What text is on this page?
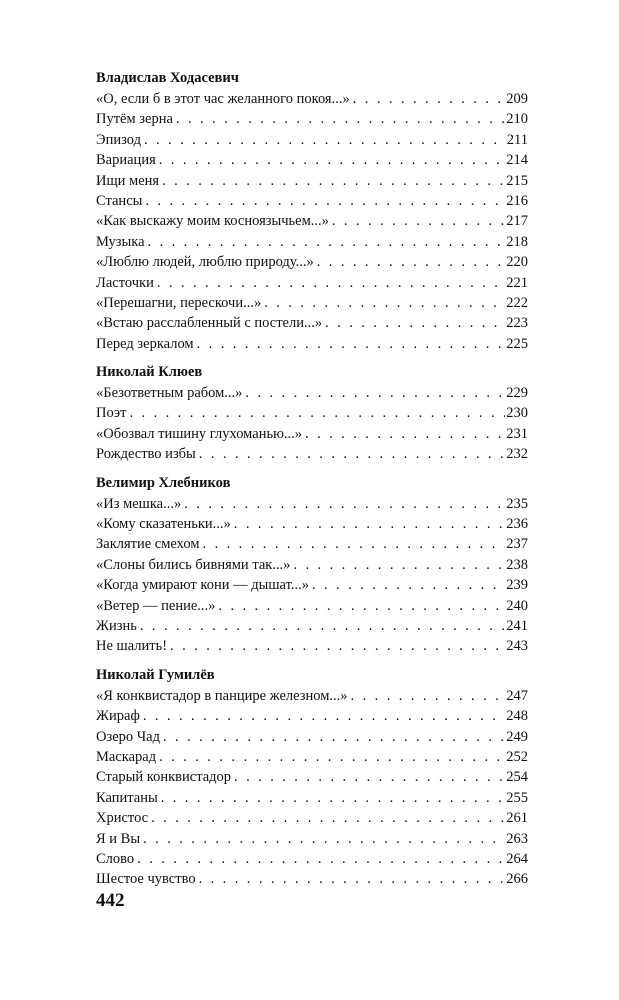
Владислав Ходасевич
«О, если б в этот час желанного покоя...» . . .	209
Путём зерна . . .	210
Эпизод . . .	211
Вариация . . .	214
Ищи меня . . .	215
Стансы . . .	216
«Как выскажу моим косноязычьем...» . . .	217
Музыка . . .	218
«Люблю людей, люблю природу...» . . .	220
Ласточки . . .	221
«Перешагни, перескочи...» . . .	222
«Встаю расслабленный с постели...» . . .	223
Перед зеркалом . . .	225
Николай Клюев
«Безответным рабом...» . . .	229
Поэт . . .	230
«Обозвал тишину глухоманью...» . . .	231
Рождество избы . . .	232
Велимир Хлебников
«Из мешка...» . . .	235
«Кому сказатеньки...» . . .	236
Заклятие смехом . . .	237
«Слоны бились бивнями так...» . . .	238
«Когда умирают кони — дышат...» . . .	239
«Ветер — пение...» . . .	240
Жизнь . . .	241
Не шалить! . . .	243
Николай Гумилёв
«Я конквистадор в панцире железном...» . . .	247
Жираф . . .	248
Озеро Чад . . .	249
Маскарад . . .	252
Старый конквистадор . . .	254
Капитаны . . .	255
Христос . . .	261
Я и Вы . . .	263
Слово . . .	264
Шестое чувство . . .	266
442
